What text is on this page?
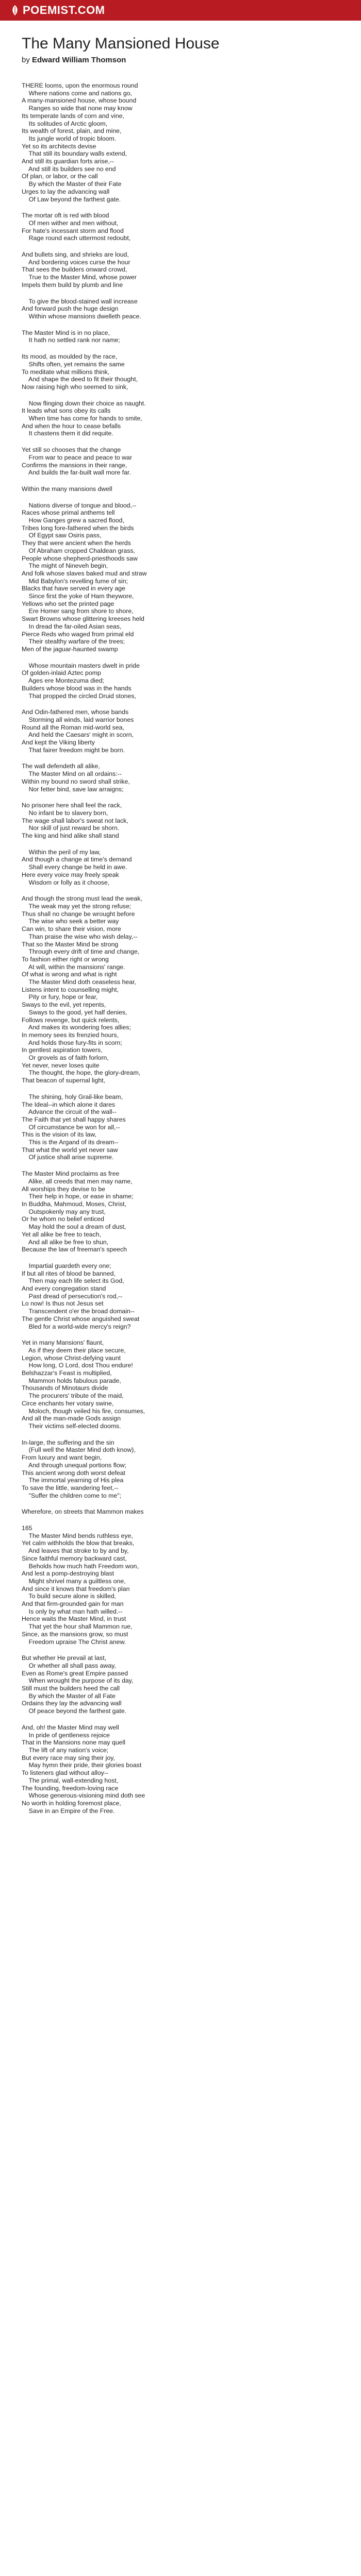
POEMIST.COM
The Many Mansioned House

by Edward William Thomson

THERE looms, upon the enormous round
Where nations come and nations go,
A many-mansioned house, whose bound
Ranges so wide that none may know
Its temperate lands of corn and vine,
Its solitudes of Arctic gloom,
Its wealth of forest, plain, and mine,
Its jungle world of tropic bloom.
Yet so its architects devise
That still its boundary walls extend,
And still its guardian forts arise,--
And still its builders see no end
Of plan, or labor, or the call
By which the Master of their Fate
Urges to lay the advancing wall
Of Law beyond the farthest gate.
The mortar oft is red with blood
Of men wither and men without,
For hate's incessant storm and flood
Rage round each uttermost redoubt,
And bullets sing, and shrieks are loud,
And bordering voices curse the hour
That sees the builders onward crowd,
True to the Master Mind, whose power
Impels them build by plumb and line
To give the blood-stained wall increase
And forward push the huge design
Within whose mansions dwelleth peace.
The Master Mind is in no place,
It hath no settled rank nor name;
Its mood, as moulded by the race,
Shifts often, yet remains the same
To meditate what millions think,
And shape the deed to fit their thought,
Now raising high who seemed to sink,
Now flinging down their choice as naught.
It leads what sons obey its calls
When time has come for hands to smite,
And when the hour to cease befalls
It chastens them it did requite.
Yet still so chooses that the change
From war to peace and peace to war
Confirms the mansions in their range,
And builds the far-built wall more far.
Within the many mansions dwell
Nations diverse of tongue and blood,--
Races whose primal anthems tell
How Ganges grew a sacred flood,
Tribes long fore-fathered when the birds
Of Egypt saw Osiris pass,
They that were ancient when the herds
Of Abraham cropped Chaldean grass,
People whose shepherd-priesthoods saw
The might of Nineveh begin,
And folk whose slaves baked mud and straw
Mid Babylon's revelling fume of sin;
Blacks that have served in every age
Since first the yoke of Ham theywore,
Yellows who set the printed page
Ere Homer sang from shore to shore,
Swart Browns whose glittering kreeses held
In dread the far-oiled Asian seas,
Pierce Reds who waged from primal eld
Their stealthy warfare of the trees;
Men of the jaguar-haunted swamp
Whose mountain masters dwelt in pride
Of golden-inlaid Aztec pomp
Ages ere Montezuma died;
Builders whose blood was in the hands
That propped the circled Druid stones,
And Odin-fathered men, whose bands
Storming all winds, laid warrior bones
Round all the Roman mid-world sea,
And held the Caesars' might in scorn,
And kept the Viking liberty
That fairer freedom might be born.
The wall defendeth all alike,
The Master Mind on all ordains:--
Within my bound no sword shall strike,
Nor fetter bind, save law arraigns;
No prisoner here shall feel the rack,
No infant be to slavery born,
The wage shall labor's sweat not lack,
Nor skill of just reward be shorn.
The king and hind alike shall stand
Within the peril of my law,
And though a change at time's demand
Shall every change be held in awe.
Here every voice may freely speak
Wisdom or folly as it choose,
And though the strong must lead the weak,
The weak may yet the strong refuse;
Thus shall no change be wrought before
The wise who seek a better way
Can win, to share their vision, more
Than praise the wise who wish delay,--
That so the Master Mind be strong
Through every drift of time and change,
To fashion either right or wrong
At will, within the mansions' range.
Of what is wrong and what is right
The Master Mind doth ceaseless hear,
Listens intent to counselling might,
Pity or fury, hope or fear,
Sways to the evil, yet repents,
Sways to the good, yet half denies,
Follows revenge, but quick relents,
And makes its wondering foes allies;
In memory sees its frenzied hours,
And holds those fury-fits in scorn;
In gentlest aspiration towers,
Or grovels as of faith forlorn,
Yet never, never loses quite
The thought, the hope, the glory-dream,
That beacon of supernal light,
The shining, holy Grail-like beam,
The Ideal--in which alone it dares
Advance the circuit of the wall--
The Faith that yet shall happy shares
Of circumstance be won for all,--
This is the vision of its law,
This is the Argand of its dream--
That what the world yet never saw
Of justice shall arise supreme.
The Master Mind proclaims as free
Alike, all creeds that men may name,
All worships they devise to be
Their help in hope, or ease in shame;
In Buddha, Mahmoud, Moses, Christ,
Outspokenly may any trust,
Or he whom no belief enticed
May hold the soul a dream of dust,
Yet all alike be free to teach,
And all alike be free to shun,
Because the law of freeman's speech
Impartial guardeth every one;
If but all rites of blood be banned,
Then may each life select its God,
And every congregation stand
Past dread of persecution's rod,--
Lo now! Is thus not Jesus set
Transcendent o'er the broad domain--
The gentle Christ whose anguished sweat
Bled for a world-wide mercy's reign?
Yet in many Mansions' flaunt,
As if they deem their place secure,
Legion, whose Christ-defying vaunt
How long, O Lord, dost Thou endure!
Belshazzar's Feast is multiplied,
Mammon holds fabulous parade,
Thousands of Minotaurs divide
The procurers' tribute of the maid,
Circe enchants her votary swine,
Moloch, though veiled his fire, consumes,
And all the man-made Gods assign
Their victims self-elected dooms.
In-large, the suffering and the sin
(Full well the Master Mind doth know),
From luxury and want begin,
And through unequal portions flow;
This ancient wrong doth worst defeat
The immortal yearning of His plea
To save the little, wandering feet,--
"Suffer the children come to me";
Wherefore, on streets that Mammon makes
165
The Master Mind bends ruthless eye,
Yet calm withholds the blow that breaks,
And leaves that stroke to by and by,
Since faithful memory backward cast,
Beholds how much hath Freedom won,
And lest a pomp-destroying blast
Might shrivel many a guiltless one,
And since it knows that freedom's plan
To build secure alone is skilled,
And that firm-grounded gain for man
Is only by what man hath willed.--
Hence waits the Master Mind, in trust
That yet the hour shall Mammon rue,
Since, as the mansions grow, so must
Freedom upraise The Christ anew.
But whether He prevail at last,
Or whether all shall pass away,
Even as Rome's great Empire passed
When wrought the purpose of its day,
Still must the builders heed the call
By which the Master of all Fate
Ordains they lay the advancing wall
Of peace beyond the farthest gate.
And, oh! the Master Mind may well
In pride of gentleness rejoice
That in the Mansions none may quell
The lift of any nation's voice;
But every race may sing their joy,
May hymn their pride, their glories boast
To listeners glad without alloy--
The primal, wall-extending host,
The founding, freedom-loving race
Whose generous-visioning mind doth see
No worth in holding foremost place,
Save in an Empire of the Free.
